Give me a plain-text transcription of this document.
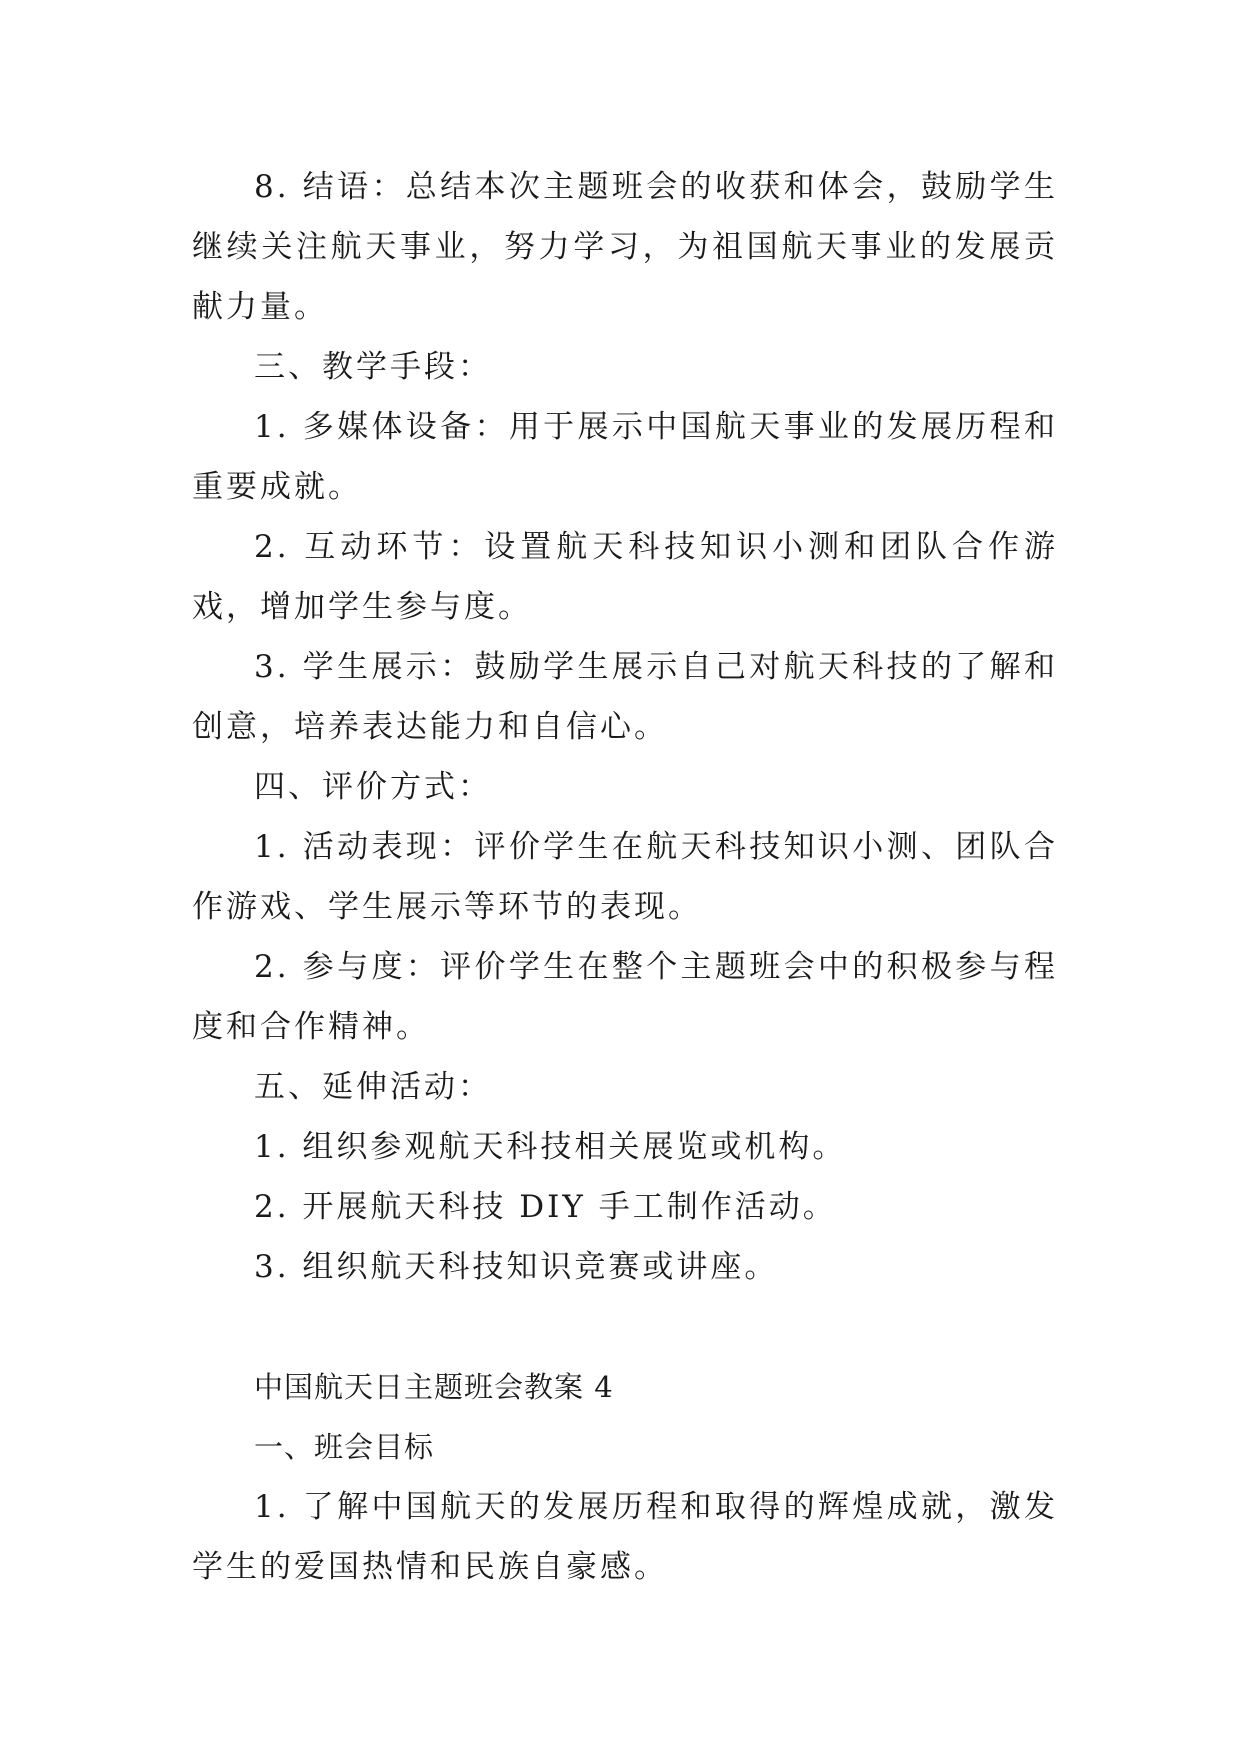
8. 结语：总结本次主题班会的收获和体会，鼓励学生继续关注航天事业，努力学习，为祖国航天事业的发展贡献力量。

三、教学手段：

1. 多媒体设备：用于展示中国航天事业的发展历程和重要成就。

2. 互动环节：设置航天科技知识小测和团队合作游戏，增加学生参与度。

3. 学生展示：鼓励学生展示自己对航天科技的了解和创意，培养表达能力和自信心。

四、评价方式：

1. 活动表现：评价学生在航天科技知识小测、团队合作游戏、学生展示等环节的表现。

2. 参与度：评价学生在整个主题班会中的积极参与程度和合作精神。

五、延伸活动：

1. 组织参观航天科技相关展览或机构。

2. 开展航天科技 DIY 手工制作活动。

3. 组织航天科技知识竞赛或讲座。

中国航天日主题班会教案 4

一、班会目标

1. 了解中国航天的发展历程和取得的辉煌成就，激发学生的爱国热情和民族自豪感。
